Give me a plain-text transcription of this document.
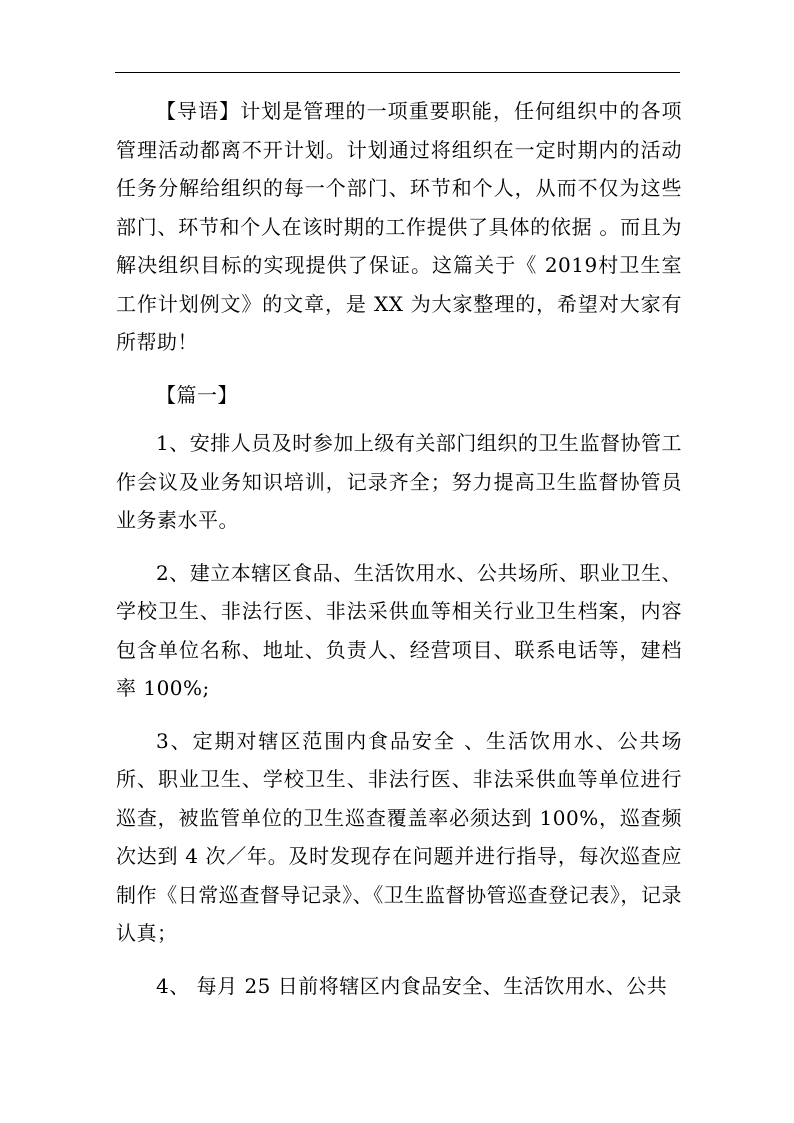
【导语】计划是管理的一项重要职能，任何组织中的各项管理活动都离不开计划。计划通过将组织在一定时期内的活动任务分解给组织的每一个部门、环节和个人，从而不仅为这些部门、环节和个人在该时期的工作提供了具体的依据 。而且为解决组织目标的实现提供了保证。这篇关于《 2019村卫生室工作计划例文》的文章，是 XX 为大家整理的，希望对大家有所帮助！

【篇一】

1、安排人员及时参加上级有关部门组织的卫生监督协管工作会议及业务知识培训，记录齐全；努力提高卫生监督协管员业务素水平。

2、建立本辖区食品、生活饮用水、公共场所、职业卫生、学校卫生、非法行医、非法采供血等相关行业卫生档案，内容包含单位名称、地址、负责人、经营项目、联系电话等，建档率 100%;

3、定期对辖区范围内食品安全 、生活饮用水、公共场所、职业卫生、学校卫生、非法行医、非法采供血等单位进行巡查，被监管单位的卫生巡查覆盖率必须达到 100%，巡查频次达到 4 次／年。及时发现存在问题并进行指导，每次巡查应制作《日常巡查督导记录》、《卫生监督协管巡查登记表》，记录认真；

4、 每月 25 日前将辖区内食品安全、生活饮用水、公共
